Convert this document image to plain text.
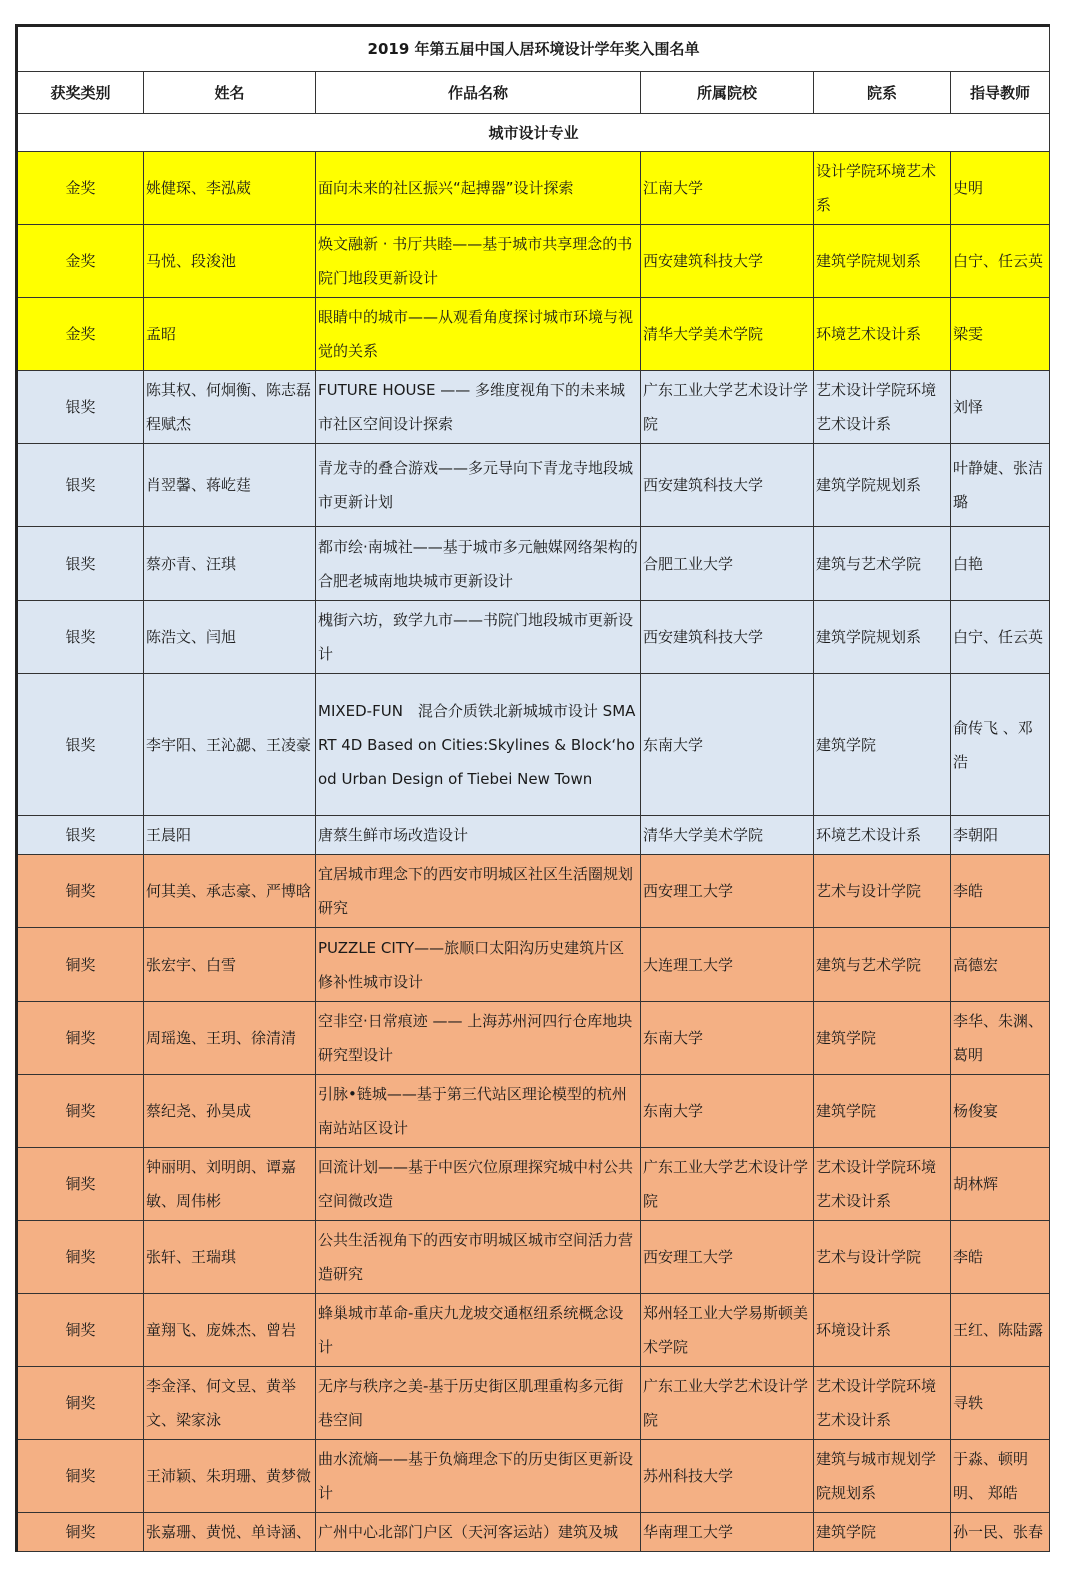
2019 年第五届中国人居环境设计学年奖入围名单					
获奖类别	姓名	作品名称	所属院校	院系	指导教师
城市设计专业					
金奖	姚健琛、李泓葳	面向未来的社区振兴“起搏器”设计探索	江南大学	设计学院环境艺术系	史明
金奖	马悦、段浚池	焕文融新 · 书厅共睦——基于城市共享理念的书院门地段更新设计	西安建筑科技大学	建筑学院规划系	白宁、任云英
金奖	孟昭	眼睛中的城市——从观看角度探讨城市环境与视觉的关系	清华大学美术学院	环境艺术设计系	梁雯
银奖	陈其权、何炯衡、陈志磊 程赋杰	FUTURE HOUSE —— 多维度视角下的未来城市社区空间设计探索	广东工业大学艺术设计学院	艺术设计学院环境艺术设计系	刘怿
银奖	肖翌馨、蒋屹莛	青龙寺的叠合游戏——多元导向下青龙寺地段城市更新计划	西安建筑科技大学	建筑学院规划系	叶静婕、张洁璐
银奖	蔡亦青、汪琪	都市绘·南城社——基于城市多元触媒网络架构的合肥老城南地块城市更新设计	合肥工业大学	建筑与艺术学院	白艳
银奖	陈浩文、闫旭	槐街六坊，致学九市——书院门地段城市更新设计	西安建筑科技大学	建筑学院规划系	白宁、任云英
银奖	李宇阳、王沁勰、王凌豪	MIXED-FUN　混合介质铁北新城城市设计 SMART 4D Based on Cities:Skylines & Block‘hood Urban Design of Tiebei New Town	东南大学	建筑学院	俞传飞 、邓浩
银奖	王晨阳	唐蔡生鲜市场改造设计	清华大学美术学院	环境艺术设计系	李朝阳
铜奖	何其美、承志豪、严博晗	宜居城市理念下的西安市明城区社区生活圈规划研究	西安理工大学	艺术与设计学院	李皓
铜奖	张宏宇、白雪	PUZZLE CITY——旅顺口太阳沟历史建筑片区修补性城市设计	大连理工大学	建筑与艺术学院	高德宏
铜奖	周瑶逸、王玥、徐清清	空非空·日常痕迹 —— 上海苏州河四行仓库地块研究型设计	东南大学	建筑学院	李华、朱渊、葛明
铜奖	蔡纪尧、孙昊成	引脉•链城——基于第三代站区理论模型的杭州南站站区设计	东南大学	建筑学院	杨俊宴
铜奖	钟丽明、刘明朗、谭嘉敏、周伟彬	回流计划——基于中医穴位原理探究城中村公共空间微改造	广东工业大学艺术设计学院	艺术设计学院环境艺术设计系	胡林辉
铜奖	张轩、王瑞琪	公共生活视角下的西安市明城区城市空间活力营造研究	西安理工大学	艺术与设计学院	李皓
铜奖	童翔飞、庞姝杰、曾岩	蜂巢城市革命-重庆九龙坡交通枢纽系统概念设计	郑州轻工业大学易斯顿美术学院	环境设计系	王红、陈陆露
铜奖	李金泽、何文昱、黄举文、梁家泳	无序与秩序之美-基于历史街区肌理重构多元街巷空间	广东工业大学艺术设计学院	艺术设计学院环境艺术设计系	寻轶
铜奖	王沛颖、朱玥珊、黄梦微	曲水流熵——基于负熵理念下的历史街区更新设计	苏州科技大学	建筑与城市规划学院规划系	于淼、顿明明、 郑皓
铜奖	张嘉珊、黄悦、单诗涵、	广州中心北部门户区（天河客运站）建筑及城	华南理工大学	建筑学院	孙一民、张春
